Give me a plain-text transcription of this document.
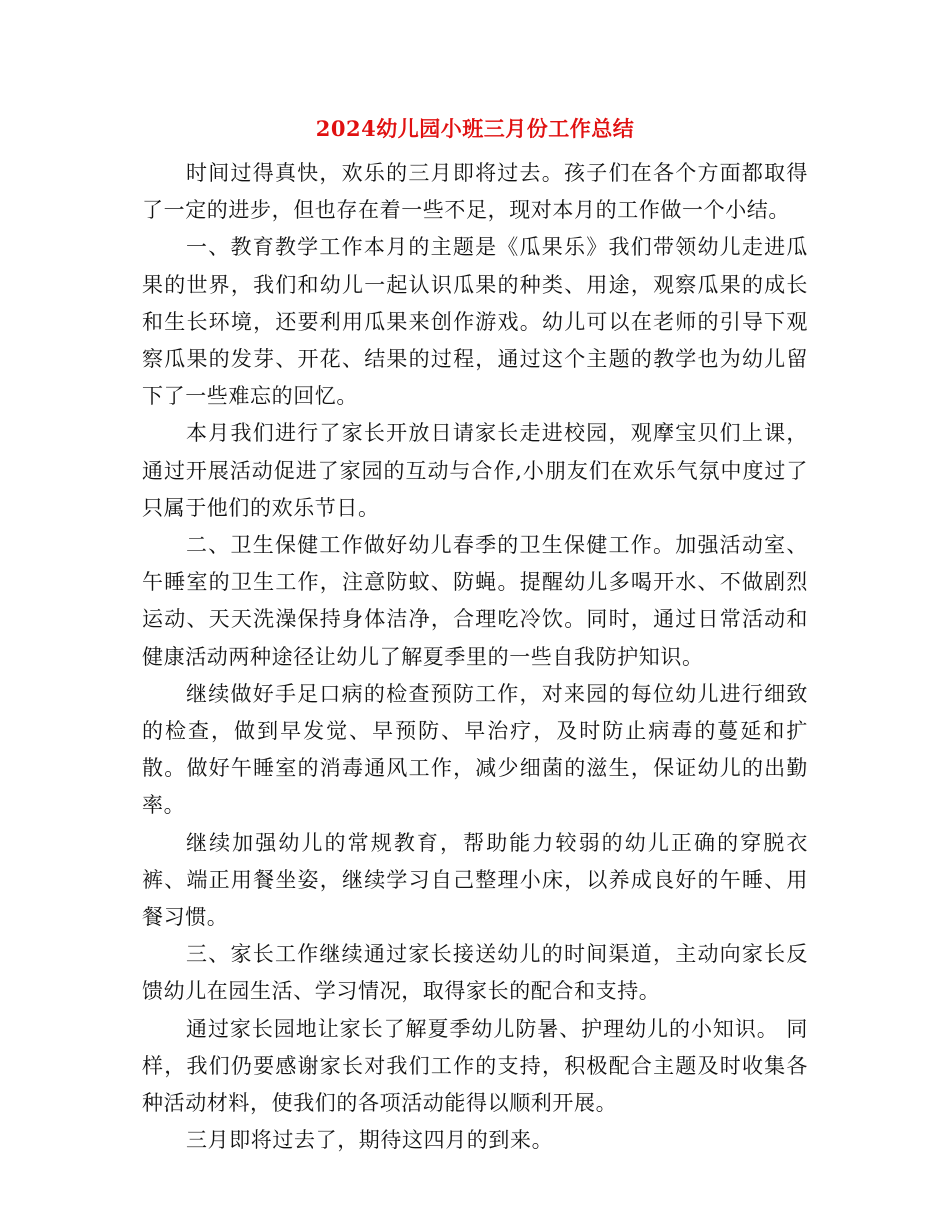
2024幼儿园小班三月份工作总结

时间过得真快，欢乐的三月即将过去。孩子们在各个方面都取得了一定的进步，但也存在着一些不足，现对本月的工作做一个小结。

一、教育教学工作本月的主题是《瓜果乐》我们带领幼儿走进瓜果的世界，我们和幼儿一起认识瓜果的种类、用途，观察瓜果的成长和生长环境，还要利用瓜果来创作游戏。幼儿可以在老师的引导下观察瓜果的发芽、开花、结果的过程，通过这个主题的教学也为幼儿留下了一些难忘的回忆。

本月我们进行了家长开放日请家长走进校园，观摩宝贝们上课，通过开展活动促进了家园的互动与合作,小朋友们在欢乐气氛中度过了只属于他们的欢乐节日。

二、卫生保健工作做好幼儿春季的卫生保健工作。加强活动室、午睡室的卫生工作，注意防蚊、防蝇。提醒幼儿多喝开水、不做剧烈运动、天天洗澡保持身体洁净，合理吃冷饮。同时，通过日常活动和健康活动两种途径让幼儿了解夏季里的一些自我防护知识。

继续做好手足口病的检查预防工作，对来园的每位幼儿进行细致的检查，做到早发觉、早预防、早治疗，及时防止病毒的蔓延和扩散。做好午睡室的消毒通风工作，减少细菌的滋生，保证幼儿的出勤率。

继续加强幼儿的常规教育，帮助能力较弱的幼儿正确的穿脱衣裤、端正用餐坐姿，继续学习自己整理小床，以养成良好的午睡、用餐习惯。

三、家长工作继续通过家长接送幼儿的时间渠道，主动向家长反馈幼儿在园生活、学习情况，取得家长的配合和支持。

通过家长园地让家长了解夏季幼儿防暑、护理幼儿的小知识。 同样，我们仍要感谢家长对我们工作的支持，积极配合主题及时收集各种活动材料，使我们的各项活动能得以顺利开展。

三月即将过去了，期待这四月的到来。
